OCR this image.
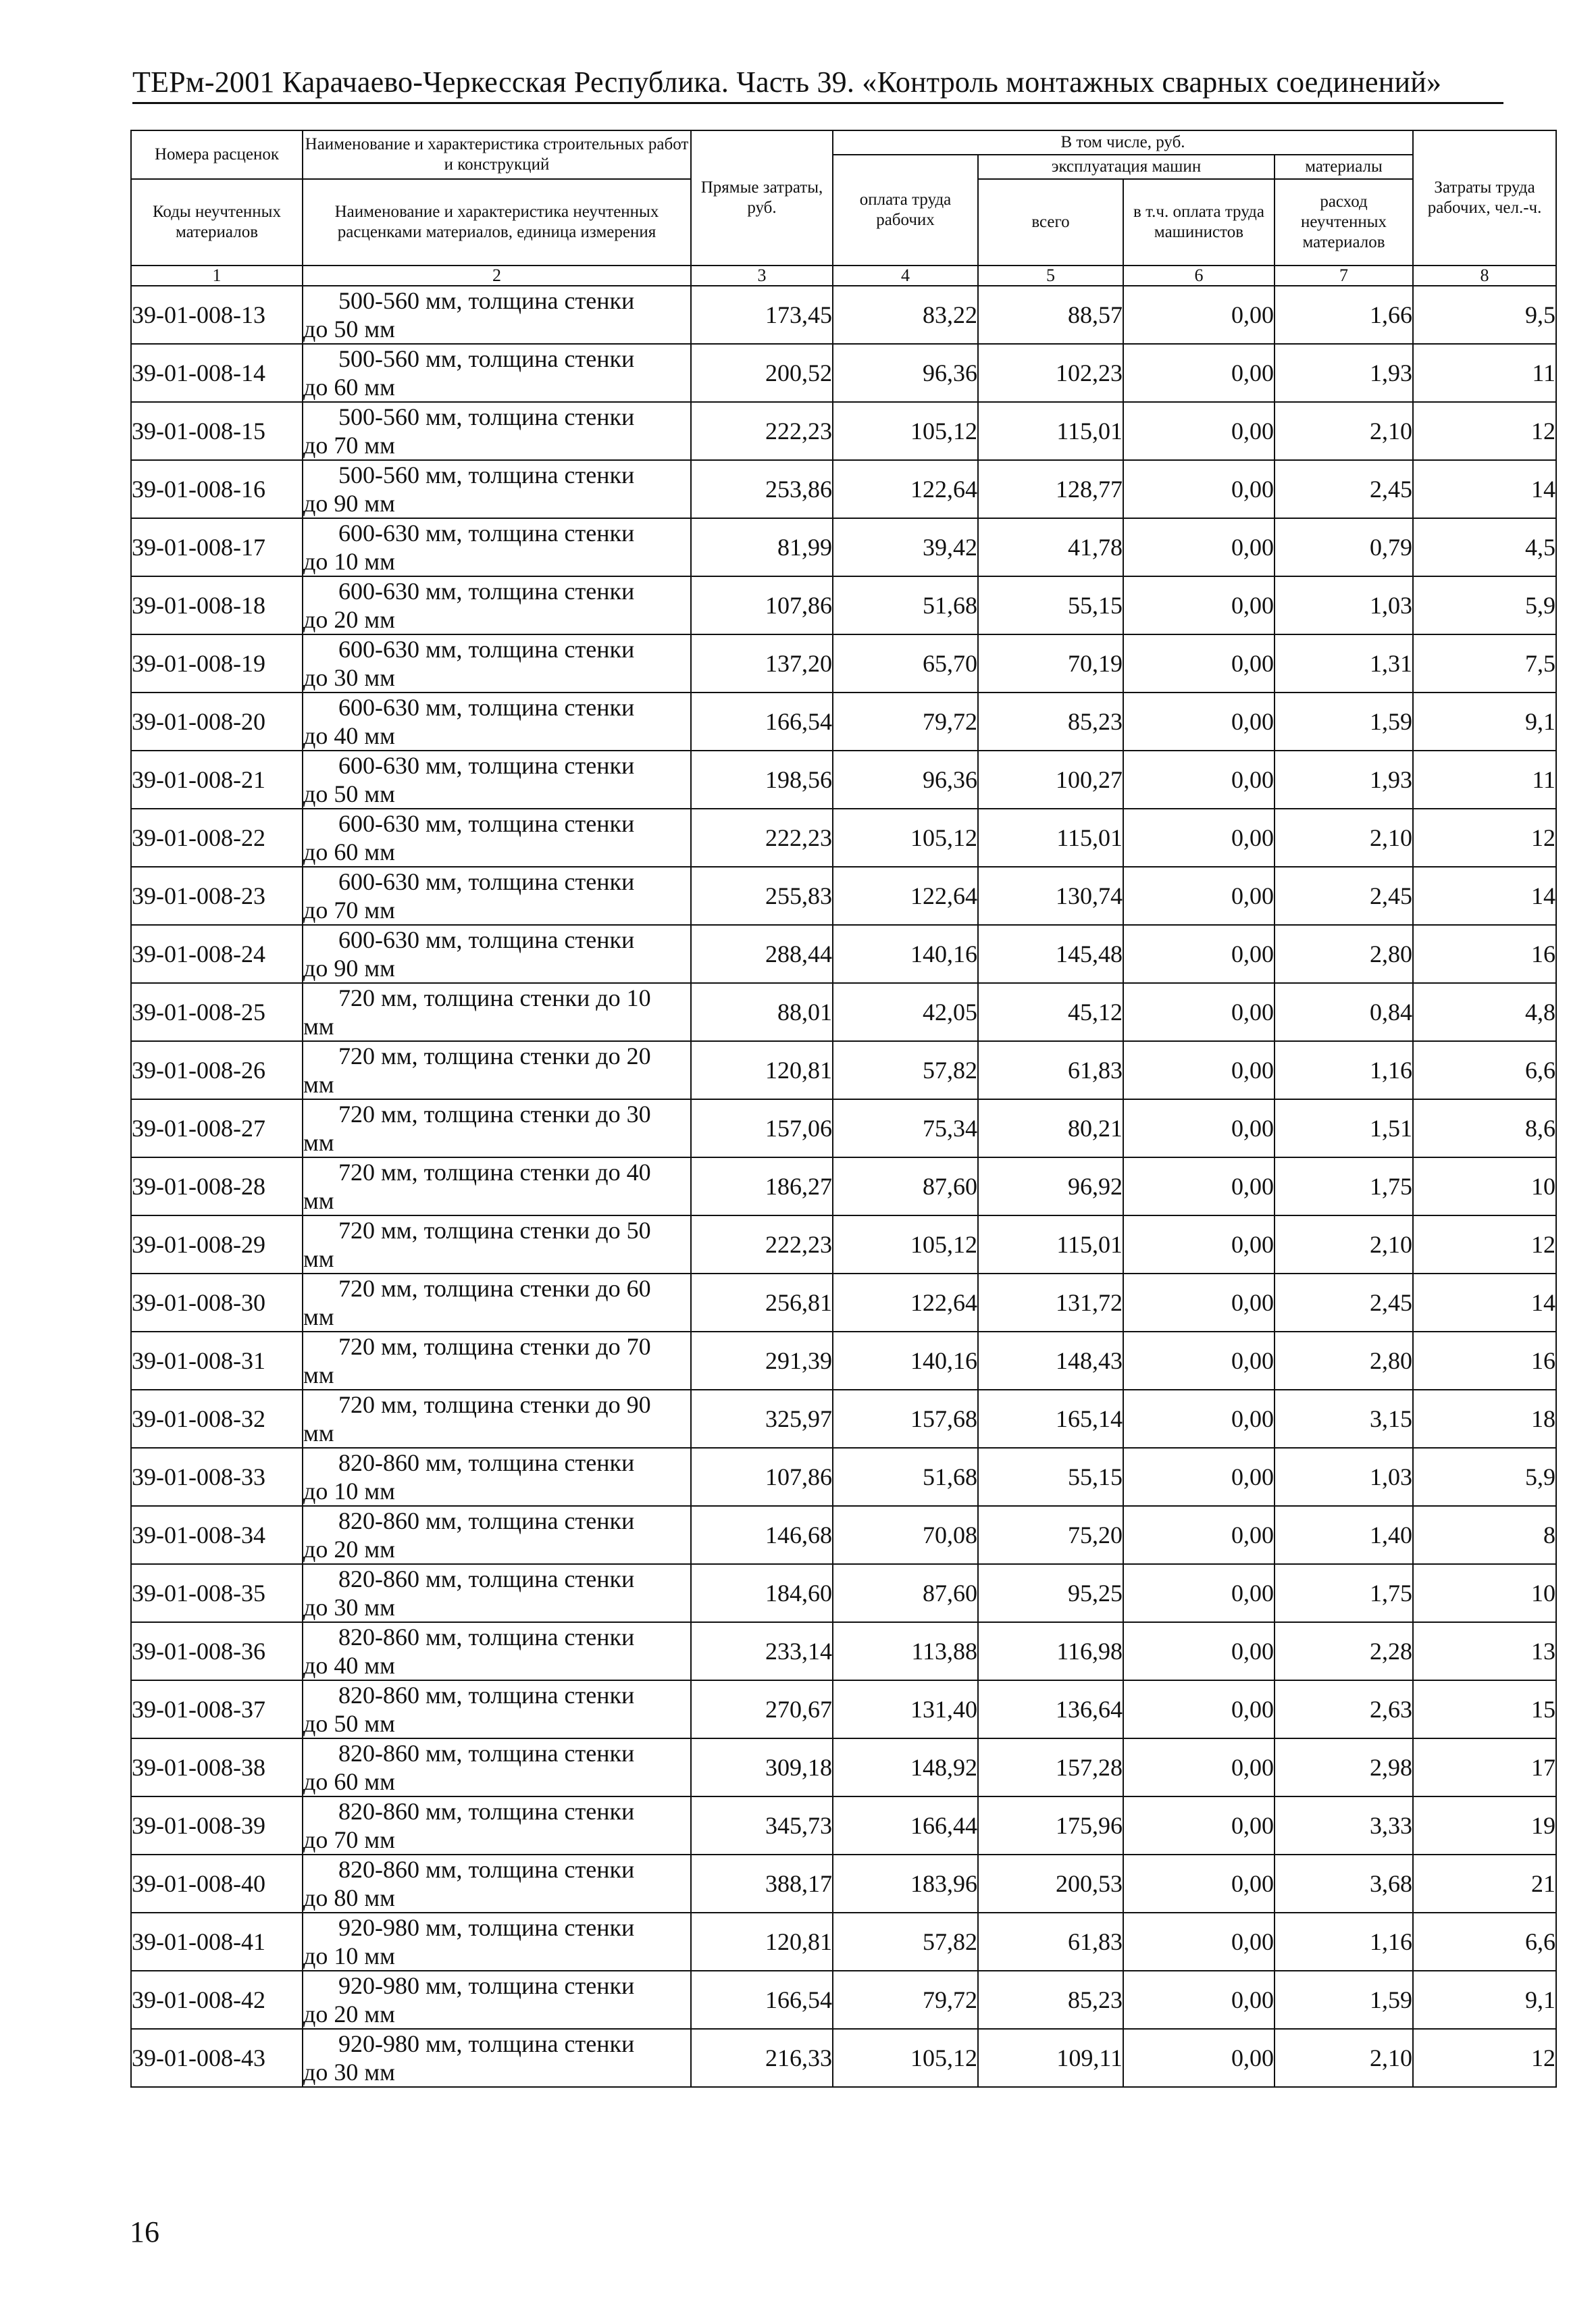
ТЕРм-2001 Карачаево-Черкесская Республика. Часть 39. «Контроль монтажных сварных соединений»
Номера расценок	Наименование и характеристика строительных работ и конструкций	Прямые затраты, руб.	В том числе, руб.				Затраты труда рабочих, чел.-ч.
			оплата труда рабочих	эксплуатация машин		материалы	
Коды неучтенных материалов	Наименование и характеристика неучтенных расценками материалов, единица измерения			всего	в т.ч. оплата труда машинистов	расход неучтенных материалов	
1	2	3	4	5	6	7	8
39-01-008-13	500-560 мм, толщина стенки
до 50 мм	173,45	83,22	88,57	0,00	1,66	9,5
39-01-008-14	500-560 мм, толщина стенки
до 60 мм	200,52	96,36	102,23	0,00	1,93	11
39-01-008-15	500-560 мм, толщина стенки
до 70 мм	222,23	105,12	115,01	0,00	2,10	12
39-01-008-16	500-560 мм, толщина стенки
до 90 мм	253,86	122,64	128,77	0,00	2,45	14
39-01-008-17	600-630 мм, толщина стенки
до 10 мм	81,99	39,42	41,78	0,00	0,79	4,5
39-01-008-18	600-630 мм, толщина стенки
до 20 мм	107,86	51,68	55,15	0,00	1,03	5,9
39-01-008-19	600-630 мм, толщина стенки
до 30 мм	137,20	65,70	70,19	0,00	1,31	7,5
39-01-008-20	600-630 мм, толщина стенки
до 40 мм	166,54	79,72	85,23	0,00	1,59	9,1
39-01-008-21	600-630 мм, толщина стенки
до 50 мм	198,56	96,36	100,27	0,00	1,93	11
39-01-008-22	600-630 мм, толщина стенки
до 60 мм	222,23	105,12	115,01	0,00	2,10	12
39-01-008-23	600-630 мм, толщина стенки
до 70 мм	255,83	122,64	130,74	0,00	2,45	14
39-01-008-24	600-630 мм, толщина стенки
до 90 мм	288,44	140,16	145,48	0,00	2,80	16
39-01-008-25	720 мм, толщина стенки до 10
мм	88,01	42,05	45,12	0,00	0,84	4,8
39-01-008-26	720 мм, толщина стенки до 20
мм	120,81	57,82	61,83	0,00	1,16	6,6
39-01-008-27	720 мм, толщина стенки до 30
мм	157,06	75,34	80,21	0,00	1,51	8,6
39-01-008-28	720 мм, толщина стенки до 40
мм	186,27	87,60	96,92	0,00	1,75	10
39-01-008-29	720 мм, толщина стенки до 50
мм	222,23	105,12	115,01	0,00	2,10	12
39-01-008-30	720 мм, толщина стенки до 60
мм	256,81	122,64	131,72	0,00	2,45	14
39-01-008-31	720 мм, толщина стенки до 70
мм	291,39	140,16	148,43	0,00	2,80	16
39-01-008-32	720 мм, толщина стенки до 90
мм	325,97	157,68	165,14	0,00	3,15	18
39-01-008-33	820-860 мм, толщина стенки
до 10 мм	107,86	51,68	55,15	0,00	1,03	5,9
39-01-008-34	820-860 мм, толщина стенки
до 20 мм	146,68	70,08	75,20	0,00	1,40	8
39-01-008-35	820-860 мм, толщина стенки
до 30 мм	184,60	87,60	95,25	0,00	1,75	10
39-01-008-36	820-860 мм, толщина стенки
до 40 мм	233,14	113,88	116,98	0,00	2,28	13
39-01-008-37	820-860 мм, толщина стенки
до 50 мм	270,67	131,40	136,64	0,00	2,63	15
39-01-008-38	820-860 мм, толщина стенки
до 60 мм	309,18	148,92	157,28	0,00	2,98	17
39-01-008-39	820-860 мм, толщина стенки
до 70 мм	345,73	166,44	175,96	0,00	3,33	19
39-01-008-40	820-860 мм, толщина стенки
до 80 мм	388,17	183,96	200,53	0,00	3,68	21
39-01-008-41	920-980 мм, толщина стенки
до 10 мм	120,81	57,82	61,83	0,00	1,16	6,6
39-01-008-42	920-980 мм, толщина стенки
до 20 мм	166,54	79,72	85,23	0,00	1,59	9,1
39-01-008-43	920-980 мм, толщина стенки
до 30 мм	216,33	105,12	109,11	0,00	2,10	12
16
